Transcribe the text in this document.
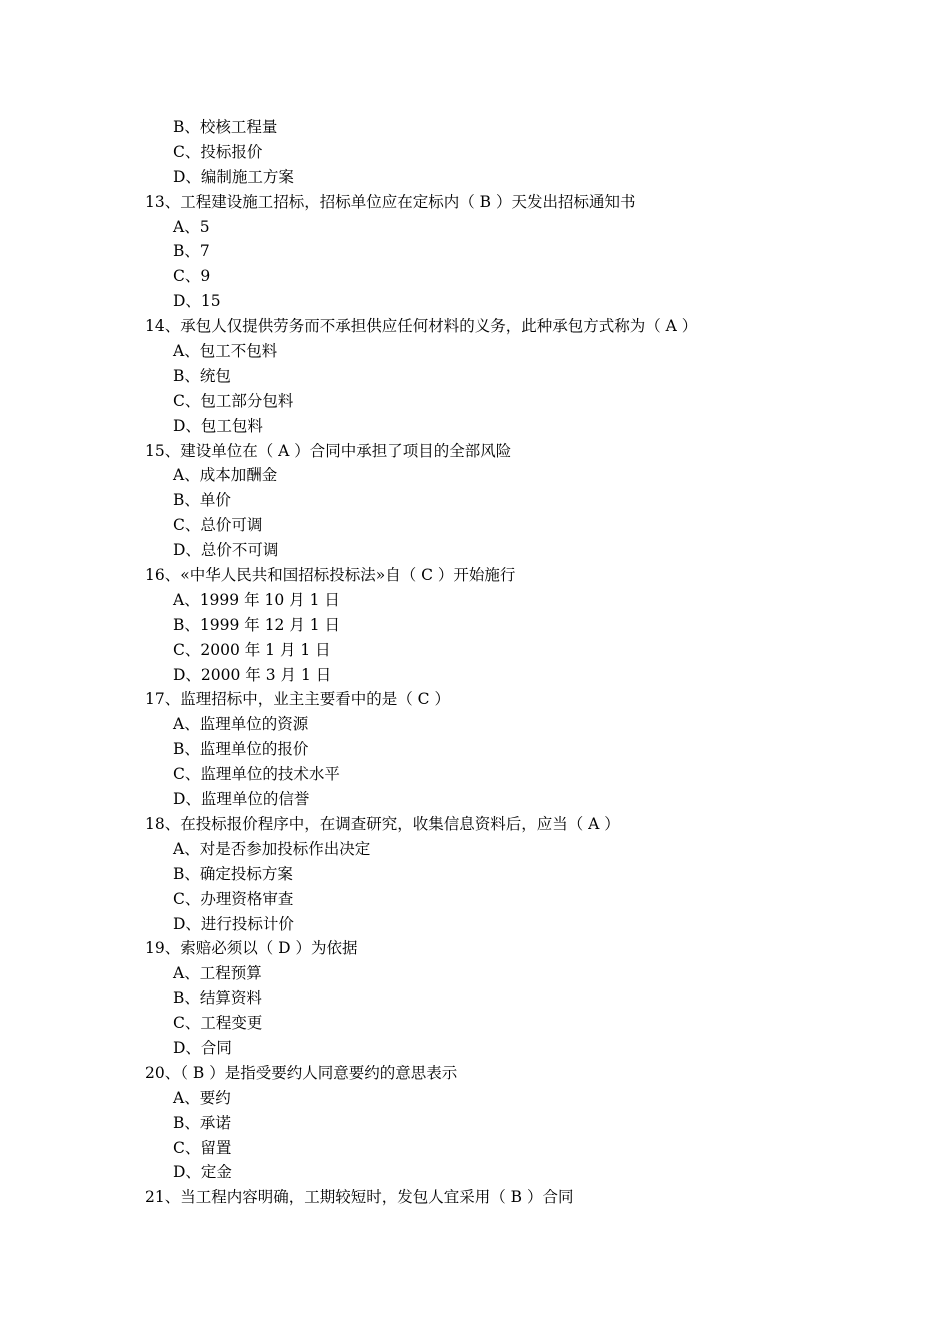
B、校核工程量
C、投标报价
D、编制施工方案
13、工程建设施工招标，招标单位应在定标内（ B ）天发出招标通知书
A、5
B、7
C、9
D、15
14、承包人仅提供劳务而不承担供应任何材料的义务，此种承包方式称为（ A ）
A、包工不包料
B、统包
C、包工部分包料
D、包工包料
15、建设单位在（ A ）合同中承担了项目的全部风险
A、成本加酬金
B、单价
C、总价可调
D、总价不可调
16、«中华人民共和国招标投标法»自（ C ）开始施行
A、1999 年 10 月 1 日
B、1999 年 12 月 1 日
C、2000 年 1 月 1 日
D、2000 年 3 月 1 日
17、监理招标中，业主主要看中的是（ C ）
A、监理单位的资源
B、监理单位的报价
C、监理单位的技术水平
D、监理单位的信誉
18、在投标报价程序中，在调查研究，收集信息资料后，应当（ A ）
A、对是否参加投标作出决定
B、确定投标方案
C、办理资格审查
D、进行投标计价
19、索赔必须以（ D ）为依据
A、工程预算
B、结算资料
C、工程变更
D、合同
20、（ B ）是指受要约人同意要约的意思表示
A、要约
B、承诺
C、留置
D、定金
21、当工程内容明确，工期较短时，发包人宜采用（ B ）合同
